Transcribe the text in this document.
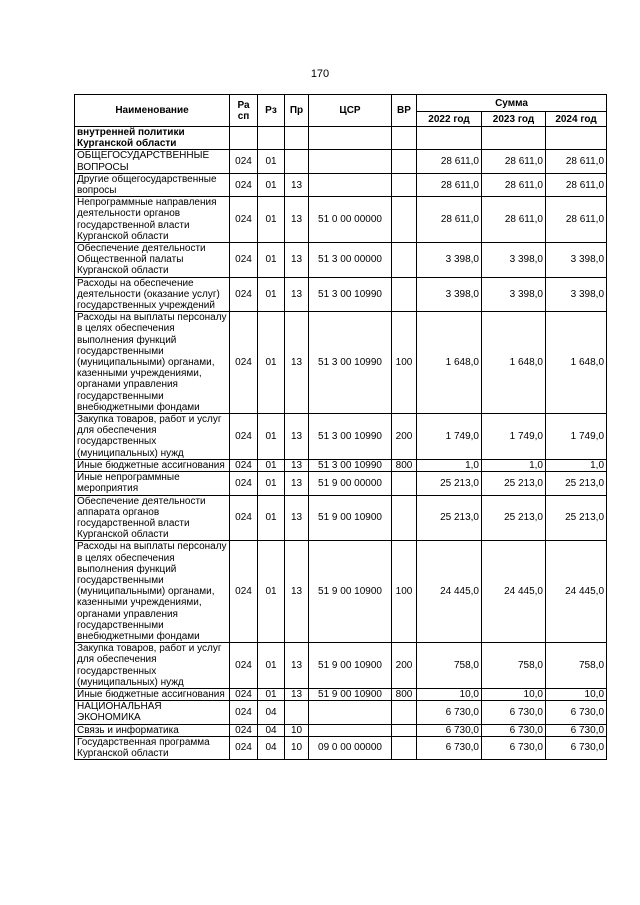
170
Наименование	Ра сп	Рз	Пр	ЦСР	ВР	Сумма		
						2022 год	2023 год	2024 год
внутренней политики Курганской области								
ОБЩЕГОСУДАРСТВЕННЫЕ ВОПРОСЫ	024	01				28 611,0	28 611,0	28 611,0
Другие общегосударственные вопросы	024	01	13			28 611,0	28 611,0	28 611,0
Непрограммные направления деятельности органов государственной власти Курганской области	024	01	13	51 0 00 00000		28 611,0	28 611,0	28 611,0
Обеспечение деятельности Общественной палаты Курганской области	024	01	13	51 3 00 00000		3 398,0	3 398,0	3 398,0
Расходы на обеспечение деятельности (оказание услуг) государственных учреждений	024	01	13	51 3 00 10990		3 398,0	3 398,0	3 398,0
Расходы на выплаты персоналу в целях обеспечения выполнения функций государственными (муниципальными) органами, казенными учреждениями, органами управления государственными внебюджетными фондами	024	01	13	51 3 00 10990	100	1 648,0	1 648,0	1 648,0
Закупка товаров, работ и услуг для обеспечения государственных (муниципальных) нужд	024	01	13	51 3 00 10990	200	1 749,0	1 749,0	1 749,0
Иные бюджетные ассигнования	024	01	13	51 3 00 10990	800	1,0	1,0	1,0
Иные непрограммные мероприятия	024	01	13	51 9 00 00000		25 213,0	25 213,0	25 213,0
Обеспечение деятельности аппарата органов государственной власти Курганской области	024	01	13	51 9 00 10900		25 213,0	25 213,0	25 213,0
Расходы на выплаты персоналу в целях обеспечения выполнения функций государственными (муниципальными) органами, казенными учреждениями, органами управления государственными внебюджетными фондами	024	01	13	51 9 00 10900	100	24 445,0	24 445,0	24 445,0
Закупка товаров, работ и услуг для обеспечения государственных (муниципальных) нужд	024	01	13	51 9 00 10900	200	758,0	758,0	758,0
Иные бюджетные ассигнования	024	01	13	51 9 00 10900	800	10,0	10,0	10,0
НАЦИОНАЛЬНАЯ ЭКОНОМИКА	024	04				6 730,0	6 730,0	6 730,0
Связь и информатика	024	04	10			6 730,0	6 730,0	6 730,0
Государственная программа Курганской области	024	04	10	09 0 00 00000		6 730,0	6 730,0	6 730,0
